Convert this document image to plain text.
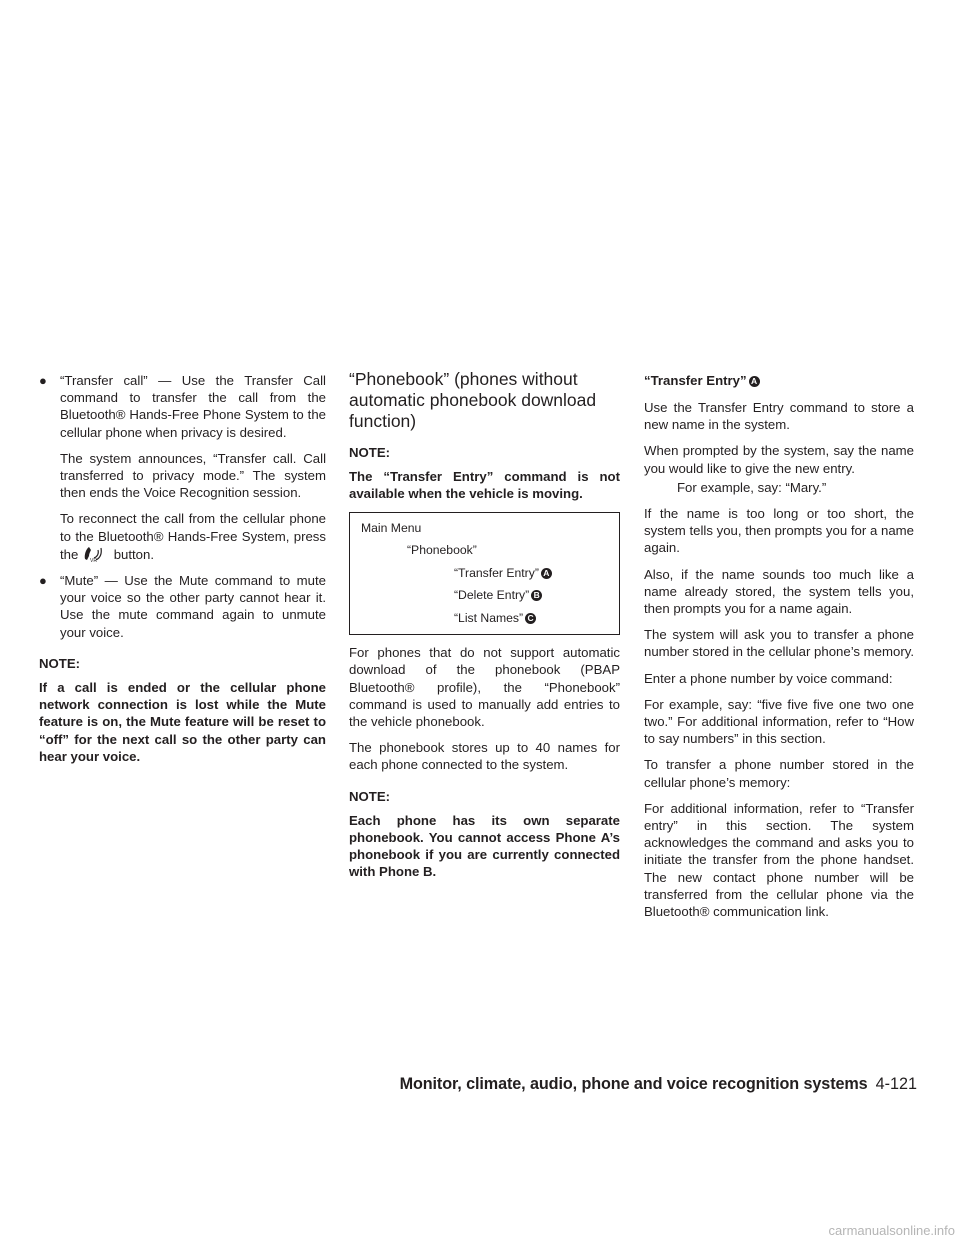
● “Transfer call” — Use the Transfer Call command to transfer the call from the Bluetooth® Hands-Free Phone System to the cellular phone when privacy is desired.

The system announces, “Transfer call. Call transferred to privacy mode.” The system then ends the Voice Recognition session.

To reconnect the call from the cellular phone to the Bluetooth® Hands-Free System, press the VR button.

● “Mute” — Use the Mute command to mute your voice so the other party cannot hear it. Use the mute command again to unmute your voice.

NOTE:
If a call is ended or the cellular phone network connection is lost while the Mute feature is on, the Mute feature will be reset to “off” for the next call so the other party can hear your voice.
“Phonebook” (phones without automatic phonebook download function)
NOTE:
The “Transfer Entry” command is not available when the vehicle is moving.
Main Menu
“Phonebook”
“Transfer Entry” A
“Delete Entry” B
“List Names” C

For phones that do not support automatic download of the phonebook (PBAP Bluetooth® profile), the “Phonebook” command is used to manually add entries to the vehicle phonebook.

The phonebook stores up to 40 names for each phone connected to the system.

NOTE:
Each phone has its own separate phonebook. You cannot access Phone A’s phonebook if you are currently connected with Phone B.
“Transfer Entry” A

Use the Transfer Entry command to store a new name in the system.

When prompted by the system, say the name you would like to give the new entry.

For example, say: “Mary.”

If the name is too long or too short, the system tells you, then prompts you for a name again.

Also, if the name sounds too much like a name already stored, the system tells you, then prompts you for a name again.

The system will ask you to transfer a phone number stored in the cellular phone’s memory.

Enter a phone number by voice command:

For example, say: “five five five one two one two.” For additional information, refer to “How to say numbers” in this section.

To transfer a phone number stored in the cellular phone’s memory:

For additional information, refer to “Transfer entry” in this section. The system acknowledges the command and asks you to initiate the transfer from the phone handset. The new contact phone number will be transferred from the cellular phone via the Bluetooth® communication link.

Monitor, climate, audio, phone and voice recognition systems 4-121
carmanualsonline.info
